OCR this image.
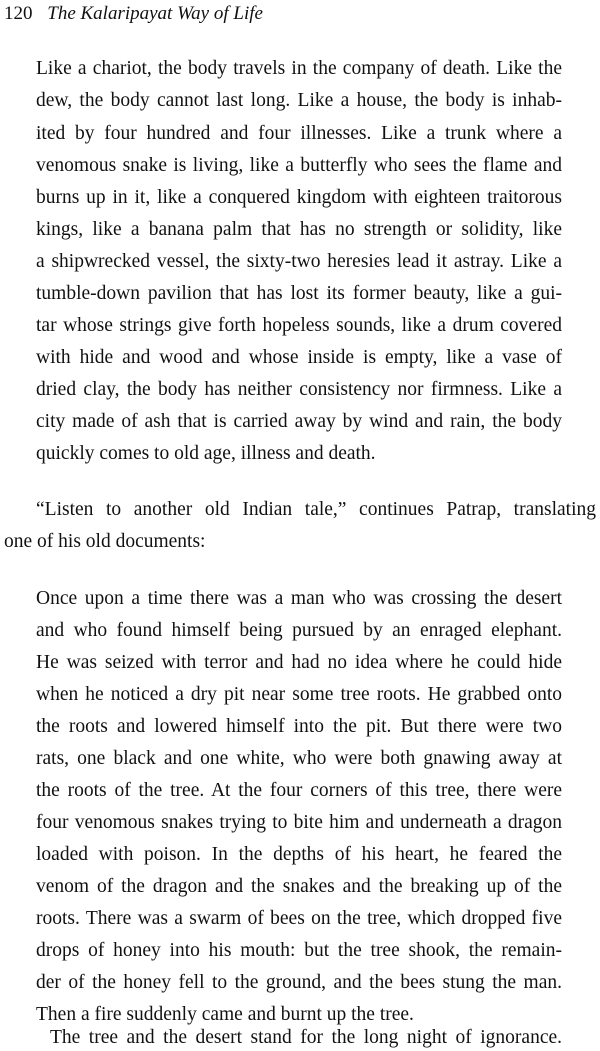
120 The Kalaripayat Way of Life
Like a chariot, the body travels in the company of death. Like the
dew, the body cannot last long. Like a house, the body is inhab-
ited by four hundred and four illnesses. Like a trunk where a
venomous snake is living, like a butterfly who sees the flame and
burns up in it, like a conquered kingdom with eighteen traitorous
kings, like a banana palm that has no strength or solidity, like
a shipwrecked vessel, the sixty-two heresies lead it astray. Like a
tumble-down pavilion that has lost its former beauty, like a gui-
tar whose strings give forth hopeless sounds, like a drum covered
with hide and wood and whose inside is empty, like a vase of
dried clay, the body has neither consistency nor firmness. Like a
city made of ash that is carried away by wind and rain, the body
quickly comes to old age, illness and death.
“Listen to another old Indian tale,” continues Patrap, translating
one of his old documents:
Once upon a time there was a man who was crossing the desert
and who found himself being pursued by an enraged elephant.
He was seized with terror and had no idea where he could hide
when he noticed a dry pit near some tree roots. He grabbed onto
the roots and lowered himself into the pit. But there were two
rats, one black and one white, who were both gnawing away at
the roots of the tree. At the four corners of this tree, there were
four venomous snakes trying to bite him and underneath a dragon
loaded with poison. In the depths of his heart, he feared the
venom of the dragon and the snakes and the breaking up of the
roots. There was a swarm of bees on the tree, which dropped five
drops of honey into his mouth: but the tree shook, the remain-
der of the honey fell to the ground, and the bees stung the man.
Then a fire suddenly came and burnt up the tree.
The tree and the desert stand for the long night of ignorance.
